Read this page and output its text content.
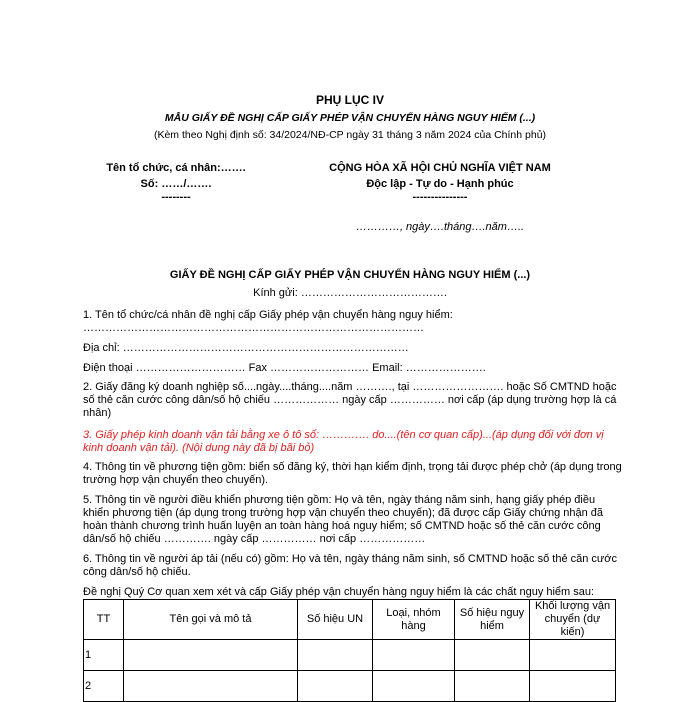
PHỤ LỤC IV
MẪU GIẤY ĐỀ NGHỊ CẤP GIẤY PHÉP VẬN CHUYỂN HÀNG NGUY HIỂM (...)
(Kèm theo Nghị định số: 34/2024/NĐ-CP ngày 31 tháng 3 năm 2024 của Chính phủ)
Tên tổ chức, cá nhân:…….
Số: ……/…….
--------
CỘNG HÒA XÃ HỘI CHỦ NGHĨA VIỆT NAM
Độc lập - Tự do - Hạnh phúc
---------------
…………, ngày….tháng….năm…..
GIẤY ĐỀ NGHỊ CẤP GIẤY PHÉP VẬN CHUYỂN HÀNG NGUY HIỂM (...)
Kính gửi: ………………………………….
1. Tên tổ chức/cá nhân đề nghị cấp Giấy phép vận chuyển hàng nguy hiểm: …………………………………………………………………………………
Địa chỉ: ……………………………………………………………………
Điện thoại ………………………… Fax ……………………… Email: ………………….
2. Giấy đăng ký doanh nghiệp số....ngày....tháng....năm ………., tại ……………………. hoặc Số CMTND hoặc số thẻ căn cước công dân/số hộ chiếu ……………… ngày cấp …………… nơi cấp (áp dụng trường hợp là cá nhân)
3. Giấy phép kinh doanh vận tải bằng xe ô tô số: …………. do....(tên cơ quan cấp)...(áp dụng đối với đơn vị kinh doanh vận tải). (Nội dung này đã bị bãi bỏ)
4. Thông tin về phương tiện gồm: biển số đăng ký, thời hạn kiểm định, trọng tải được phép chở (áp dụng trong trường hợp vận chuyển theo chuyến).
5. Thông tin về người điều khiển phương tiện gồm: Họ và tên, ngày tháng năm sinh, hạng giấy phép điều khiển phương tiện (áp dụng trong trường hợp vận chuyển theo chuyến); đã được cấp Giấy chứng nhận đã hoàn thành chương trình huấn luyện an toàn hàng hoá nguy hiểm; số CMTND hoặc số thẻ căn cước công dân/số hộ chiếu …………. ngày cấp …………… nơi cấp ………………
6. Thông tin về người áp tải (nếu có) gồm: Họ và tên, ngày tháng năm sinh, số CMTND hoặc số thẻ căn cước công dân/số hộ chiếu.
Đề nghị Quý Cơ quan xem xét và cấp Giấy phép vận chuyển hàng nguy hiểm là các chất nguy hiểm sau:
TT	Tên gọi và mô tả	Số hiệu UN	Loại, nhóm hàng	Số hiệu nguy hiểm	Khối lượng vận chuyển (dự kiến)
1					
2					
